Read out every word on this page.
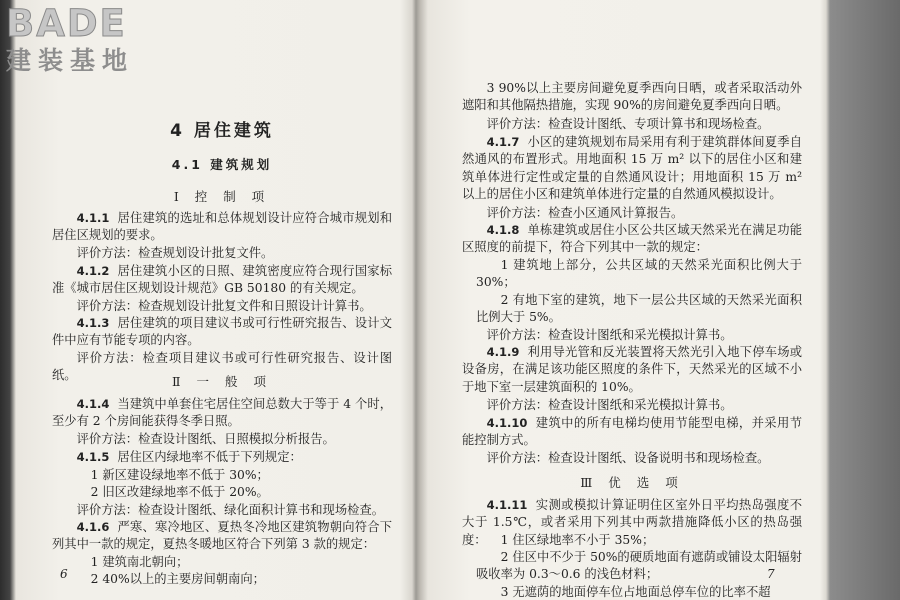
BADE
建装基地
4 居住建筑
4.1 建筑规划
Ⅰ 控 制 项

4.1.1 居住建筑的选址和总体规划设计应符合城市规划和居住区规划的要求。

评价方法：检查规划设计批复文件。

4.1.2 居住建筑小区的日照、建筑密度应符合现行国家标准《城市居住区规划设计规范》GB 50180 的有关规定。

评价方法：检查规划设计批复文件和日照设计计算书。

4.1.3 居住建筑的项目建议书或可行性研究报告、设计文件中应有节能专项的内容。

评价方法：检查项目建议书或可行性研究报告、设计图纸。	Ⅱ 一 般 项

4.1.4 当建筑中单套住宅居住空间总数大于等于 4 个时，至少有 2 个房间能获得冬季日照。

评价方法：检查设计图纸、日照模拟分析报告。

4.1.5 居住区内绿地率不低于下列规定：

1 新区建设绿地率不低于 30%；

2 旧区改建绿地率不低于 20%。

评价方法：检查设计图纸、绿化面积计算书和现场检查。

4.1.6 严寒、寒冷地区、夏热冬冷地区建筑物朝向符合下列其中一款的规定，夏热冬暖地区符合下列第 3 款的规定：

1 建筑南北朝向；

2 40%以上的主要房间朝南向；

6

3 90%以上主要房间避免夏季西向日晒，或者采取活动外遮阳和其他隔热措施，实现 90%的房间避免夏季西向日晒。

评价方法：检查设计图纸、专项计算书和现场检查。

4.1.7 小区的建筑规划布局采用有利于建筑群体间夏季自然通风的布置形式。用地面积 15 万 m² 以下的居住小区和建筑单体进行定性或定量的自然通风设计；用地面积 15 万 m² 以上的居住小区和建筑单体进行定量的自然通风模拟设计。

评价方法：检查小区通风计算报告。

4.1.8 单栋建筑或居住小区公共区域天然采光在满足功能区照度的前提下，符合下列其中一款的规定：

1 建筑地上部分，公共区域的天然采光面积比例大于 30%；

2 有地下室的建筑，地下一层公共区域的天然采光面积比例大于 5%。

评价方法：检查设计图纸和采光模拟计算书。

4.1.9 利用导光管和反光装置将天然光引入地下停车场或设备房，在满足该功能区照度的条件下，天然采光的区域不小于地下室一层建筑面积的 10%。

评价方法：检查设计图纸和采光模拟计算书。

4.1.10 建筑中的所有电梯均使用节能型电梯，并采用节能控制方式。

评价方法：检查设计图纸、设备说明书和现场检查。

Ⅲ 优 选 项

4.1.11 实测或模拟计算证明住区室外日平均热岛强度不大于 1.5℃，或者采用下列其中两款措施降低小区的热岛强度：	1 住区绿地率不小于 35%；

2 住区中不少于 50%的硬质地面有遮荫或铺设太阳辐射吸收率为 0.3～0.6 的浅色材料；

3 无遮荫的地面停车位占地面总停车位的比率不超

7
